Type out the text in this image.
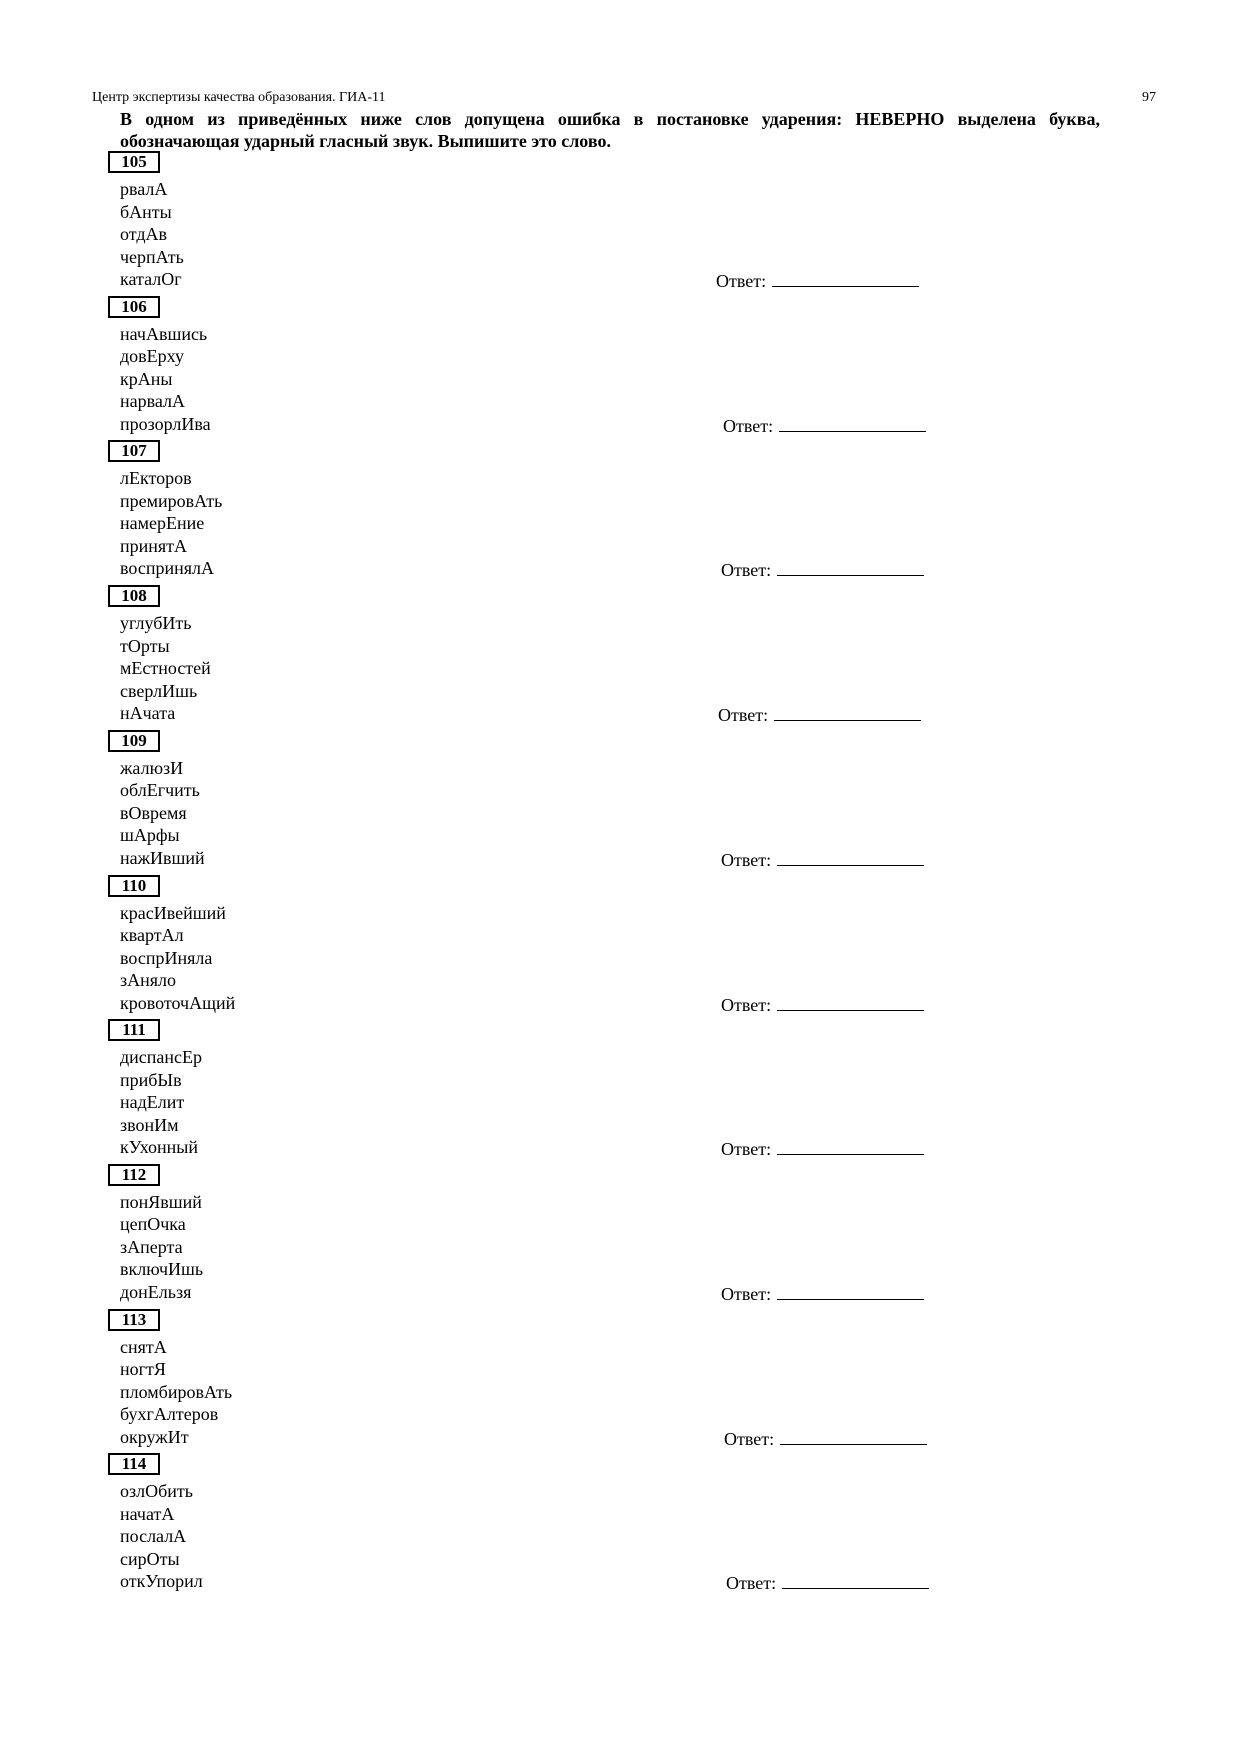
Центр экспертизы качества образования. ГИА-11	97
В одном из приведённых ниже слов допущена ошибка в постановке ударения: НЕВЕРНО выделена буква, обозначающая ударный гласный звук. Выпишите это слово.
105
рвалА
бАнты
отдАв
черпАть
каталОг	Ответ:
106
начАвшись
довЕрху
крАны
нарвалА
прозорлИва	Ответ:
107
лЕкторов
премировАть
намерЕние
принятА
воспринялА	Ответ:
108
углубИть
тОрты
мЕстностей
сверлИшь
нАчата	Ответ:
109
жалюзИ
облЕгчить
вОвремя
шАрфы
нажИвший	Ответ:
110
красИвейший
квартАл
воспрИняла
зАняло
кровоточАщий	Ответ:
111
диспансЕр
прибЫв
надЕлит
звонИм
кУхонный	Ответ:
112
понЯвший
цепОчка
зАперта
включИшь
донЕльзя	Ответ:
113
снятА
ногтЯ
пломбировАть
бухгАлтеров
окружИт	Ответ:
114
озлОбить
начатА
послалА
сирОты
откУпорил	Ответ:
